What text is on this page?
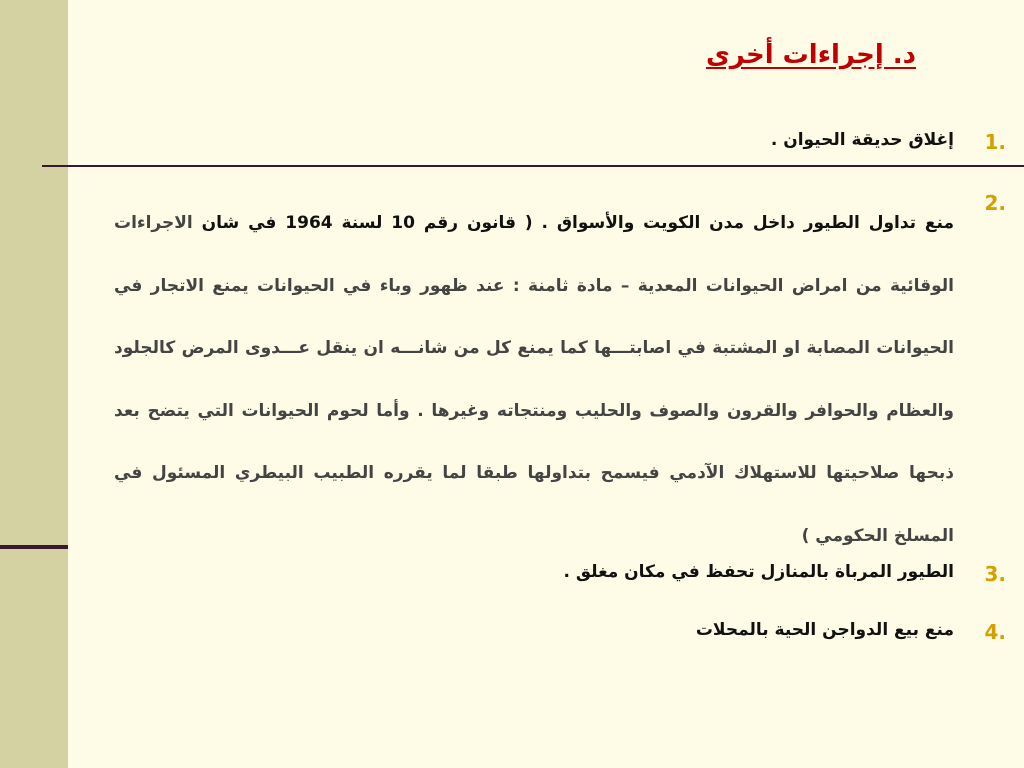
د. إجراءات أخرى
1.
إغلاق حديقة الحيوان .
2.
منع تداول الطيور داخل مدن الكويت والأسواق . ( قانون رقم 10 لسنة 1964 في شان الاجراءات الوقائية من امراض الحيوانات المعدية – مادة ثامنة : عند ظهور وباء في الحيوانات يمنع الاتجار في الحيوانات المصابة او المشتبة في اصابتـــها كما يمنع كل من شانـــه ان ينقل عـــدوى المرض كالجلود والعظام والحوافر والقرون والصوف والحليب ومنتجاته وغيرها . وأما لحوم الحيوانات التي يتضح بعد ذبحها صلاحيتها للاستهلاك الآدمي فيسمح بتداولها طبقا لما يقرره الطبيب البيطري المسئول في المسلخ الحكومي )
3.
الطيور المرباة بالمنازل تحفظ في مكان مغلق .
4.
منع بيع الدواجن الحية بالمحلات
